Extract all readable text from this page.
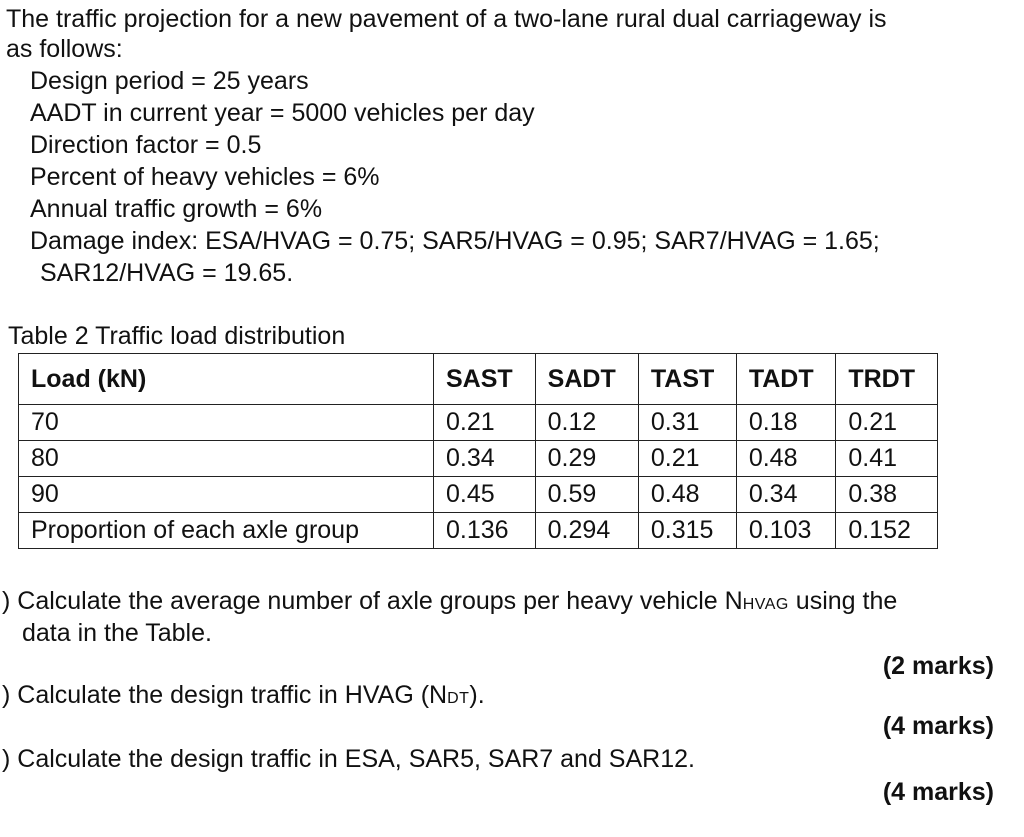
The traffic projection for a new pavement of a two-lane rural dual carriageway is
as follows:
Design period = 25 years
AADT in current year = 5000 vehicles per day
Direction factor = 0.5
Percent of heavy vehicles = 6%
Annual traffic growth = 6%
Damage index: ESA/HVAG = 0.75; SAR5/HVAG = 0.95; SAR7/HVAG = 1.65;
SAR12/HVAG = 19.65.
Table 2 Traffic load distribution
Load (kN)	SAST	SADT	TAST	TADT	TRDT
70	0.21	0.12	0.31	0.18	0.21
80	0.34	0.29	0.21	0.48	0.41
90	0.45	0.59	0.48	0.34	0.38
Proportion of each axle group	0.136	0.294	0.315	0.103	0.152
) Calculate the average number of axle groups per heavy vehicle NHVAG using the
data in the Table.
(2 marks)
) Calculate the design traffic in HVAG (NDT).
(4 marks)
) Calculate the design traffic in ESA, SAR5, SAR7 and SAR12.
(4 marks)
